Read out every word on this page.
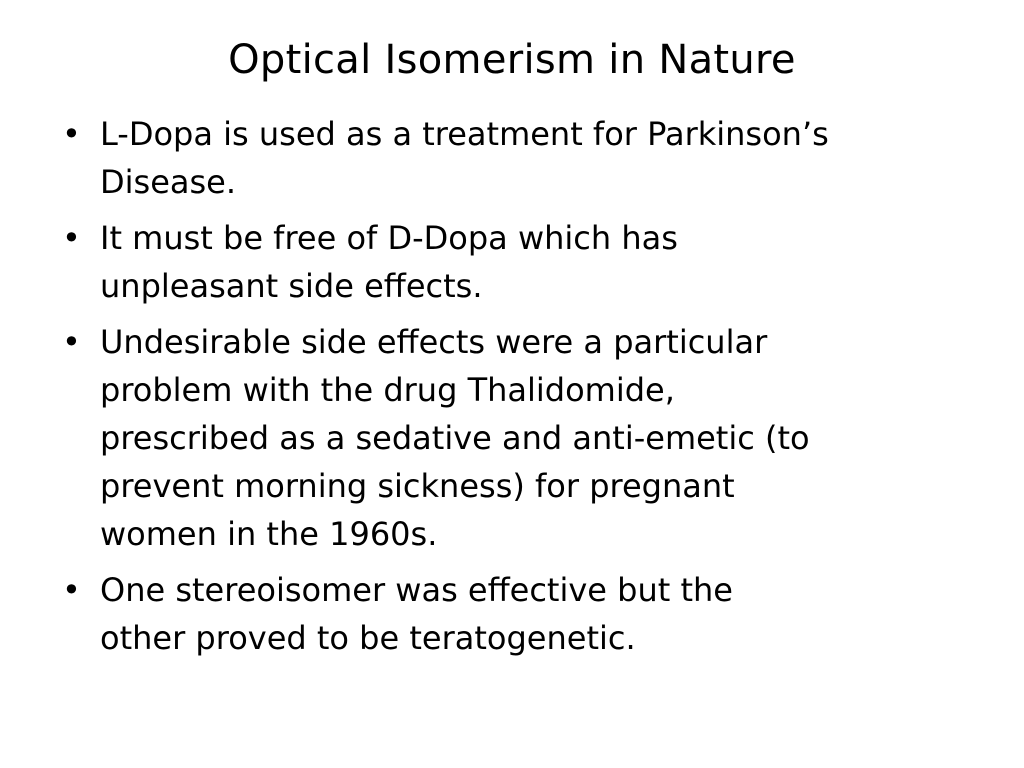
Optical Isomerism in Nature
• L-Dopa is used as a treatment for Parkinson’s
Disease.
• It must be free of D-Dopa which has
unpleasant side effects.
• Undesirable side effects were a particular
problem with the drug Thalidomide,
prescribed as a sedative and anti-emetic (to
prevent morning sickness) for pregnant
women in the 1960s.
• One stereoisomer was effective but the
other proved to be teratogenetic.
